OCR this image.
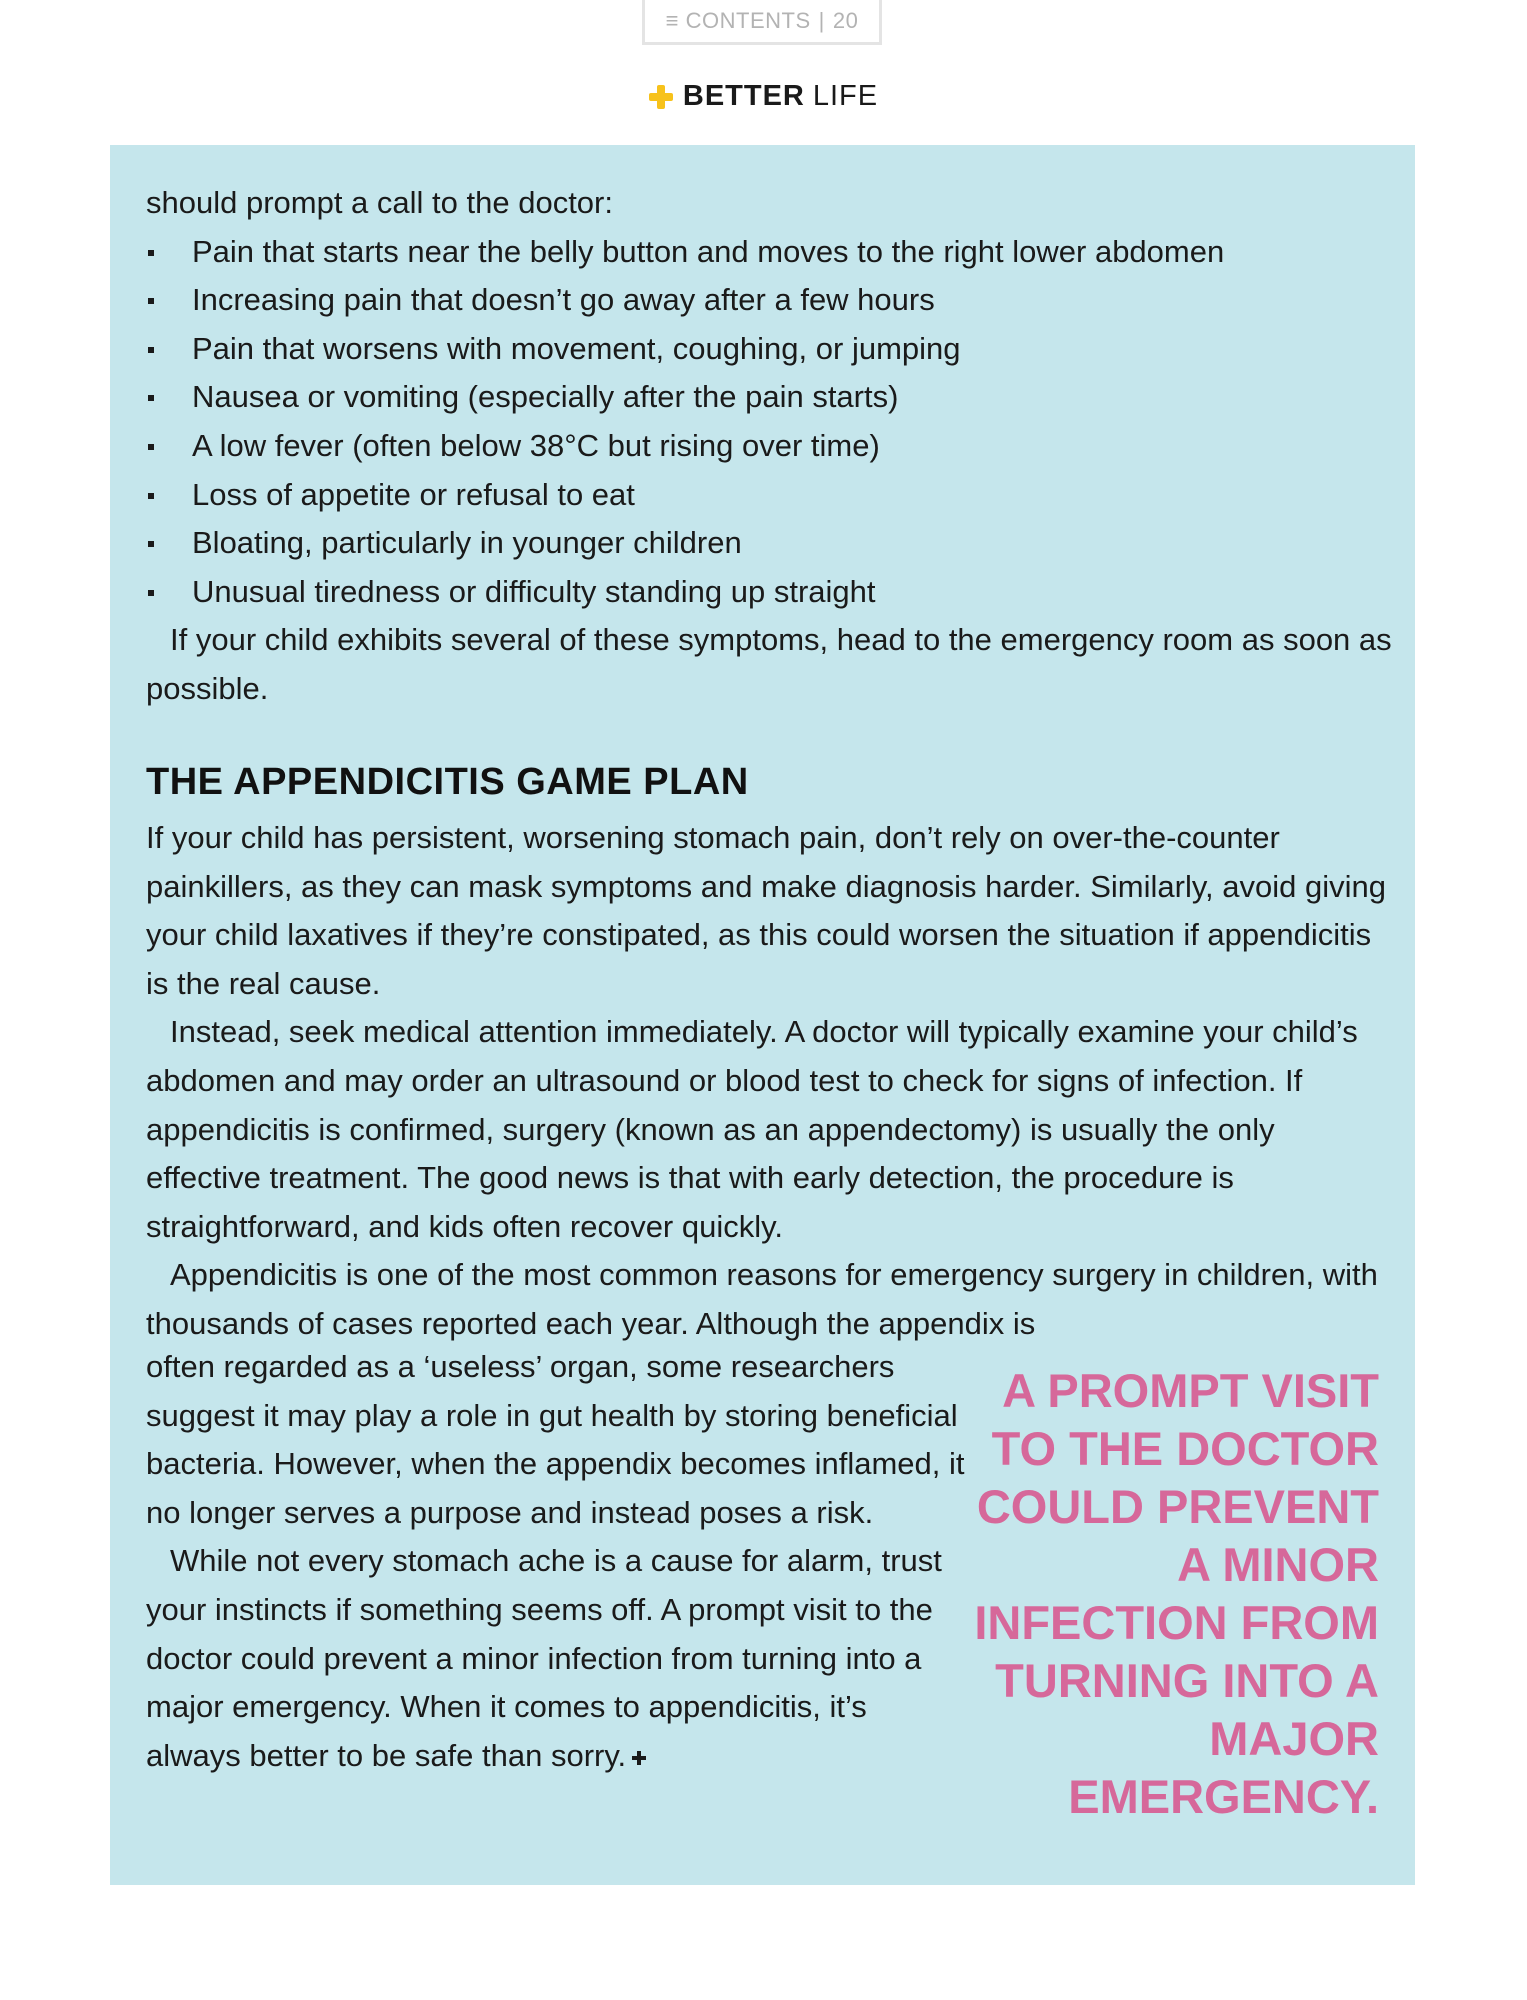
≡ CONTENTS | 20
BETTER LIFE

should prompt a call to the doctor:

Pain that starts near the belly button and moves to the right lower abdomen
Increasing pain that doesn’t go away after a few hours
Pain that worsens with movement, coughing, or jumping
Nausea or vomiting (especially after the pain starts)
A low fever (often below 38°C but rising over time)
Loss of appetite or refusal to eat
Bloating, particularly in younger children
Unusual tiredness or difficulty standing up straight

If your child exhibits several of these symptoms, head to the emergency room as soon as possible.

THE APPENDICITIS GAME PLAN

If your child has persistent, worsening stomach pain, don’t rely on over-the-counter painkillers, as they can mask symptoms and make diagnosis harder. Similarly, avoid giving your child laxatives if they’re constipated, as this could worsen the situation if appendicitis is the real cause.

Instead, seek medical attention immediately. A doctor will typically examine your child’s abdomen and may order an ultrasound or blood test to check for signs of infection. If appendicitis is confirmed, surgery (known as an appendectomy) is usually the only effective treatment. The good news is that with early detection, the procedure is straightforward, and kids often recover quickly.

Appendicitis is one of the most common reasons for emergency surgery in children, with thousands of cases reported each year. Although the appendix is

often regarded as a ‘useless’ organ, some researchers suggest it may play a role in gut health by storing beneficial bacteria. However, when the appendix becomes inflamed, it no longer serves a purpose and instead poses a risk.

While not every stomach ache is a cause for alarm, trust your instincts if something seems off. A prompt visit to the doctor could prevent a minor infection from turning into a major emergency. When it comes to appendicitis, it’s always better to be safe than sorry.

A PROMPT VISIT TO THE DOCTOR COULD PREVENT A MINOR INFECTION FROM TURNING INTO A MAJOR EMERGENCY.
